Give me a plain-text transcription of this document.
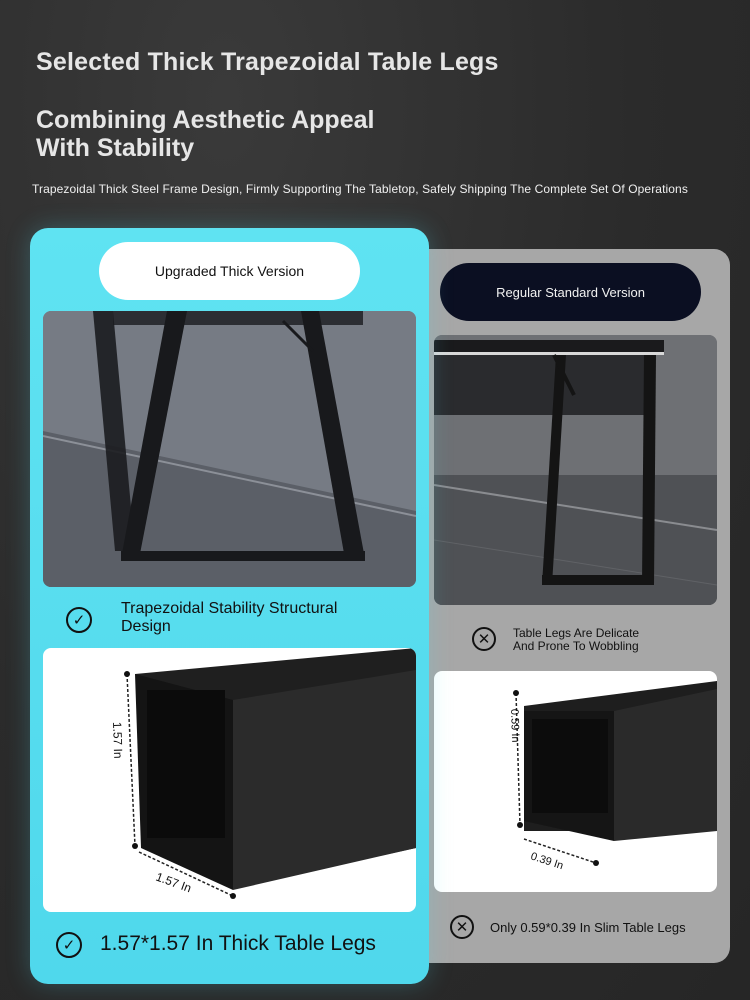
Selected Thick Trapezoidal Table Legs
Combining Aesthetic Appeal
With Stability
Trapezoidal Thick Steel Frame Design, Firmly Supporting The Tabletop, Safely Shipping The Complete Set Of Operations
Regular Standard Version
✕	Table Legs Are Delicate
And Prone To Wobbling
0.59 In
0.39 In
✕	Only 0.59*0.39 In Slim Table Legs
Upgraded Thick Version
✓
Trapezoidal Stability Structural Design
1.57 In
1.57 In
✓	1.57*1.57 In Thick Table Legs
